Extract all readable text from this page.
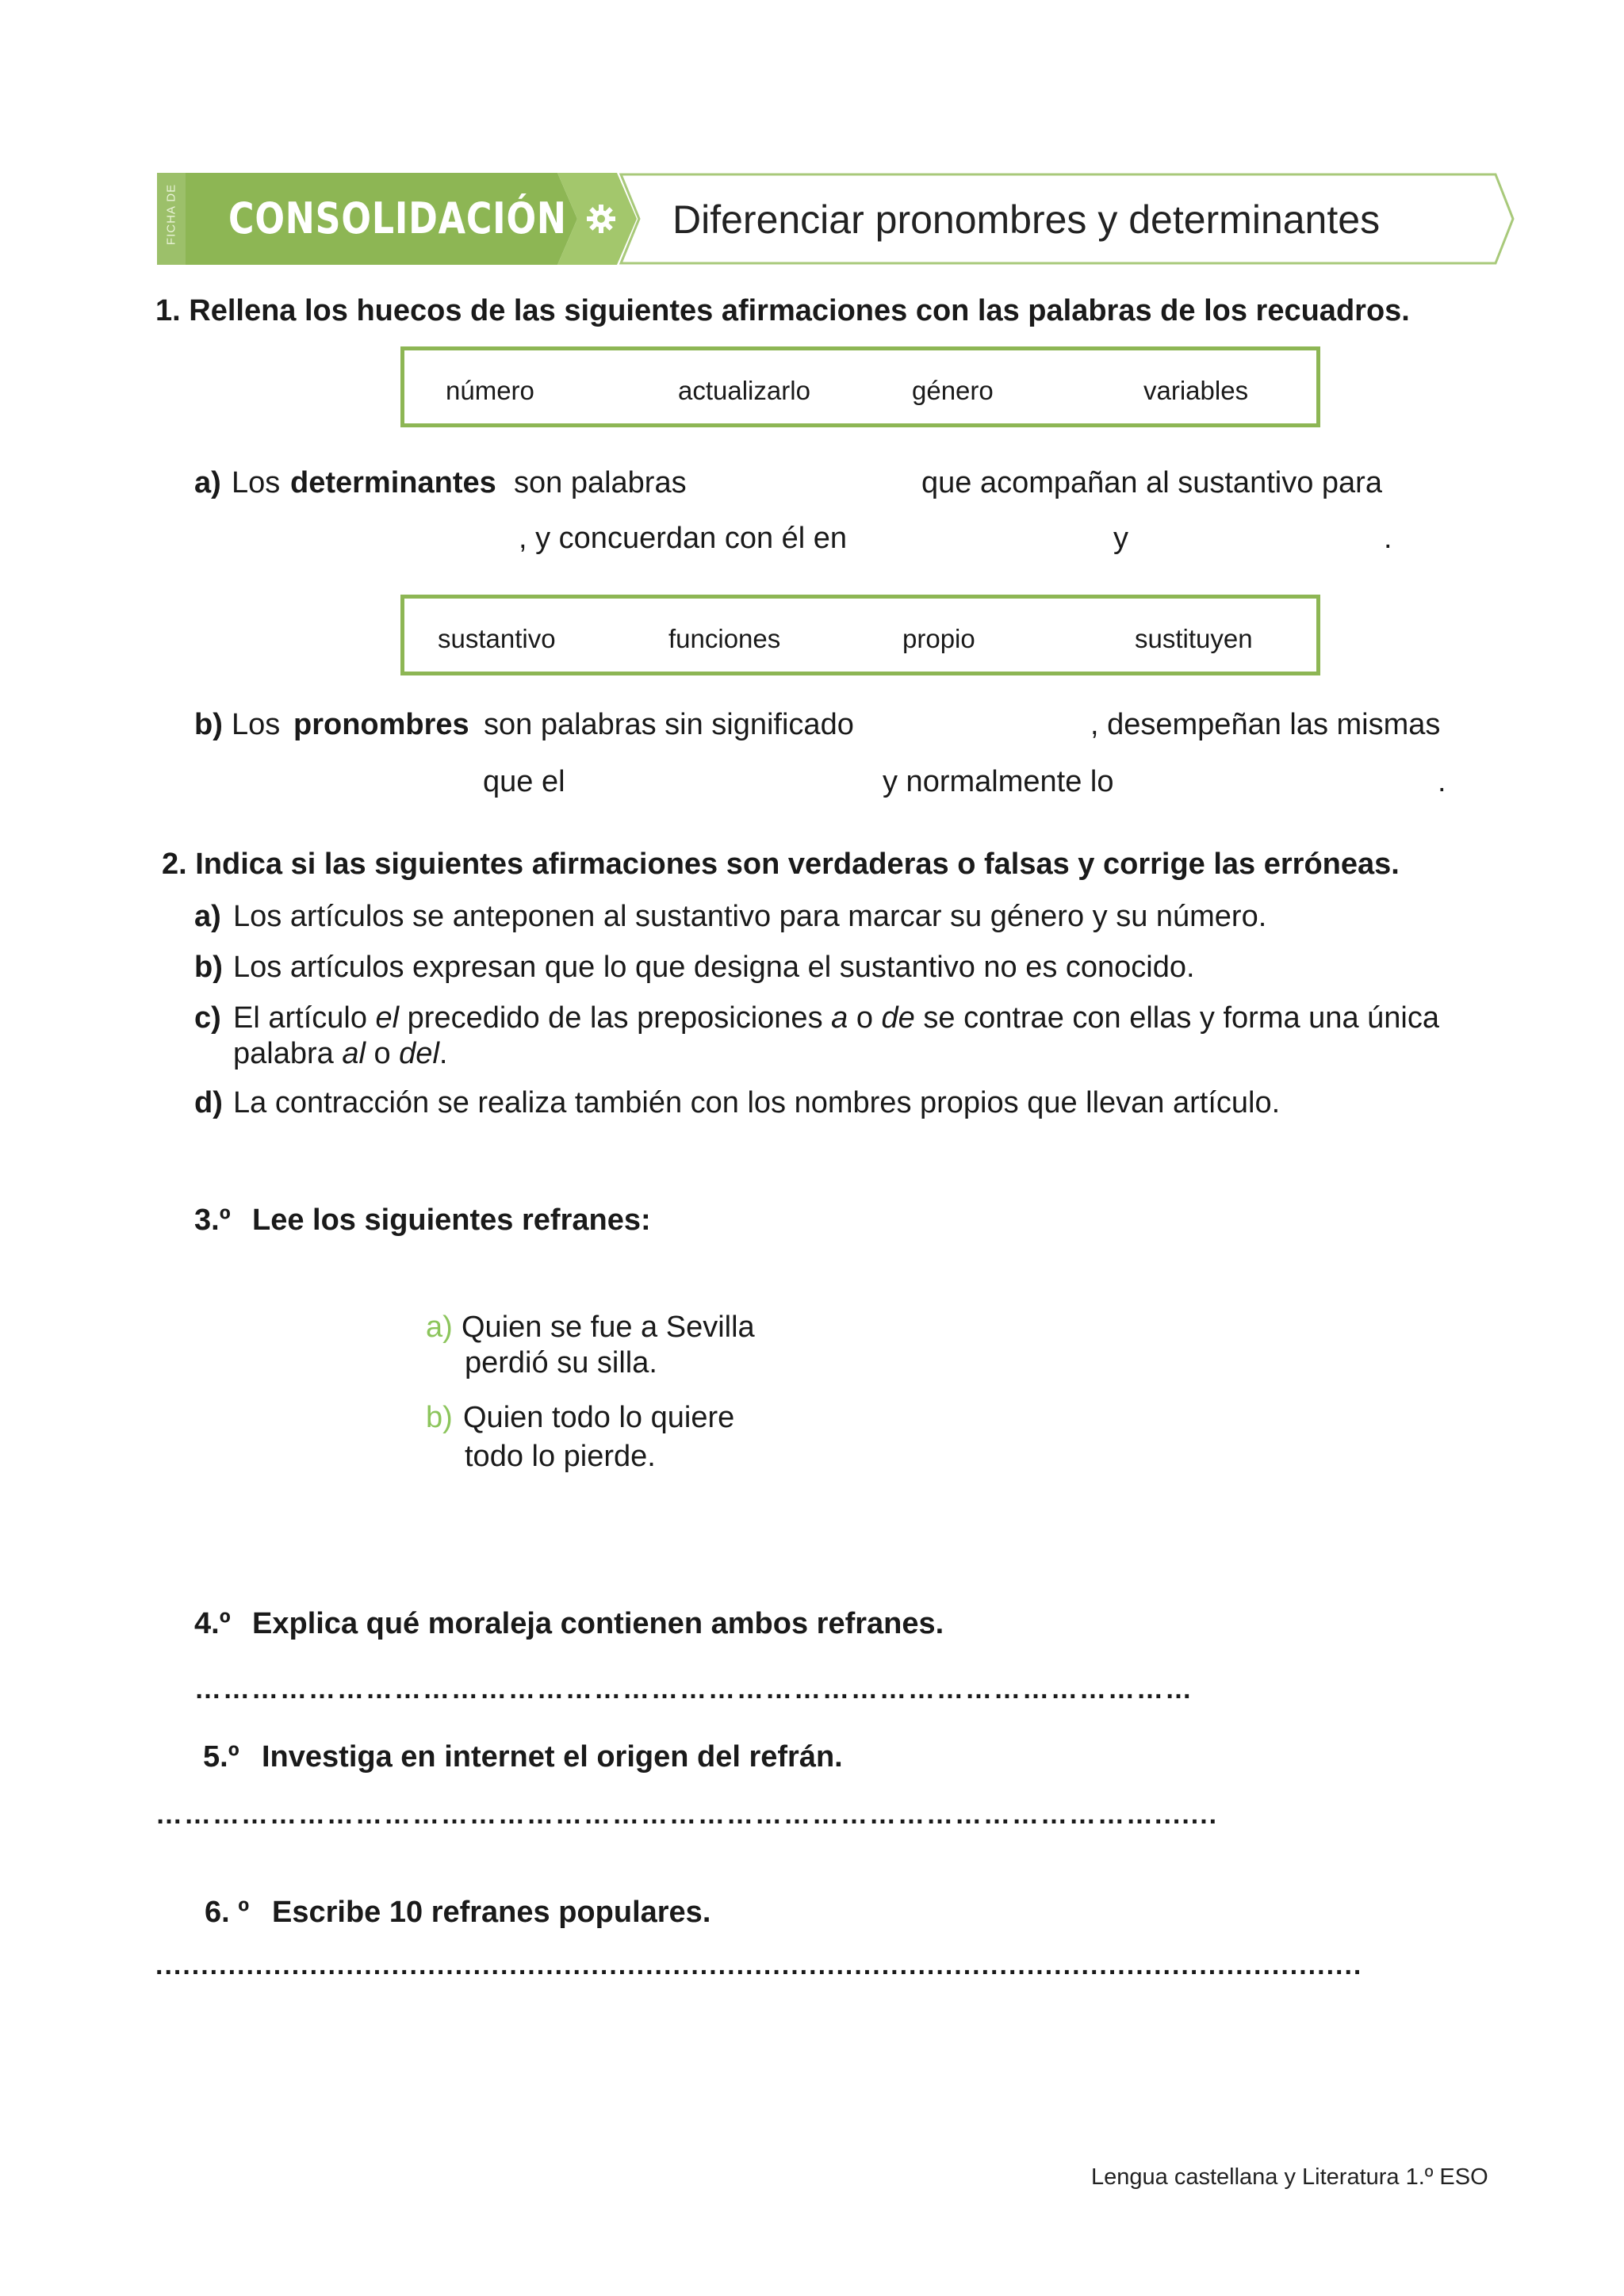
FICHA DE CONSOLIDACIÓN	Diferenciar pronombres y determinantes
1. Rellena los huecos de las siguientes afirmaciones con las palabras de los recuadros.
número	actualizarlo	género	variables
a) Los determinantes son palabras	que acompañan al sustantivo para
, y concuerdan con él en	y	.
sustantivo	funciones	propio	sustituyen
b) Los pronombres son palabras sin significado	, desempeñan las mismas
que el	y normalmente lo	.
2. Indica si las siguientes afirmaciones son verdaderas o falsas y corrige las erróneas.
a) Los artículos se anteponen al sustantivo para marcar su género y su número.
b) Los artículos expresan que lo que designa el sustantivo no es conocido.
c) El artículo el precedido de las preposiciones a o de se contrae con ellas y forma una única
palabra al o del.
d) La contracción se realiza también con los nombres propios que llevan artículo.
3.º Lee los siguientes refranes:
a) Quien se fue a Sevilla
perdió su silla.
b) Quien todo lo quiere
todo lo pierde.
4.º Explica qué moraleja contienen ambos refranes.
……………………………………………………………………………………………
5.º Investiga en internet el origen del refrán.
…………………………………………………………………………………………….......
6. º Escribe 10 refranes populares.
.....................................................................................................................................
Lengua castellana y Literatura 1.º ESO
